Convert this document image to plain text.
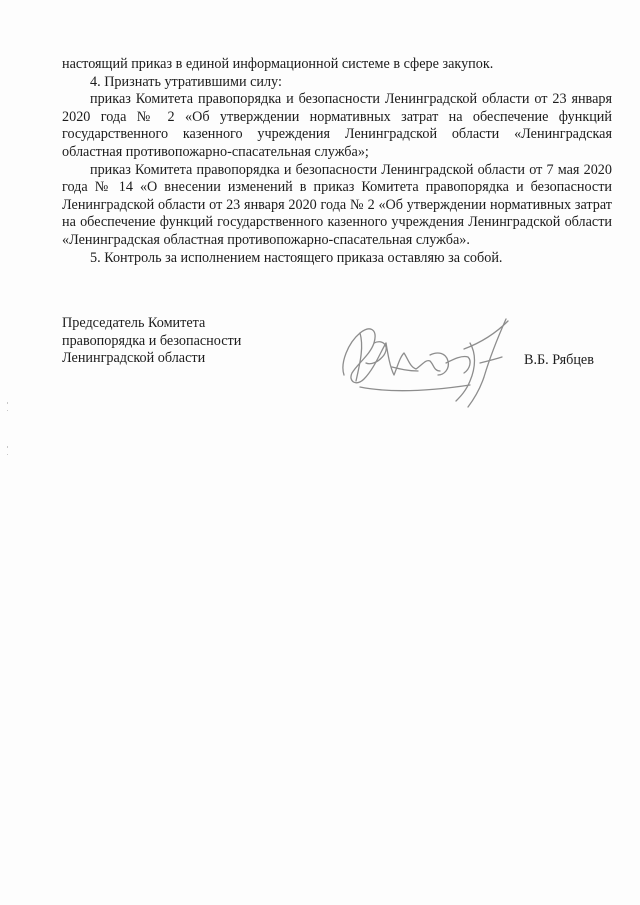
настоящий приказ в единой информационной системе в сфере закупок.

4. Признать утратившими силу:

приказ Комитета правопорядка и безопасности Ленинградской области от 23 января 2020 года № 2 «Об утверждении нормативных затрат на обеспечение функций государственного казенного учреждения Ленинградской области «Ленинградская областная противопожарно-спасательная служба»;

приказ Комитета правопорядка и безопасности Ленинградской области от 7 мая 2020 года № 14 «О внесении изменений в приказ Комитета правопорядка и безопасности Ленинградской области от 23 января 2020 года № 2 «Об утверждении нормативных затрат на обеспечение функций государственного казенного учреждения Ленинградской области «Ленинградская областная противопожарно-спасательная служба».

5. Контроль за исполнением настоящего приказа оставляю за собой.

Председатель Комитета
правопорядка и безопасности
Ленинградской области	В.Б. Рябцев
